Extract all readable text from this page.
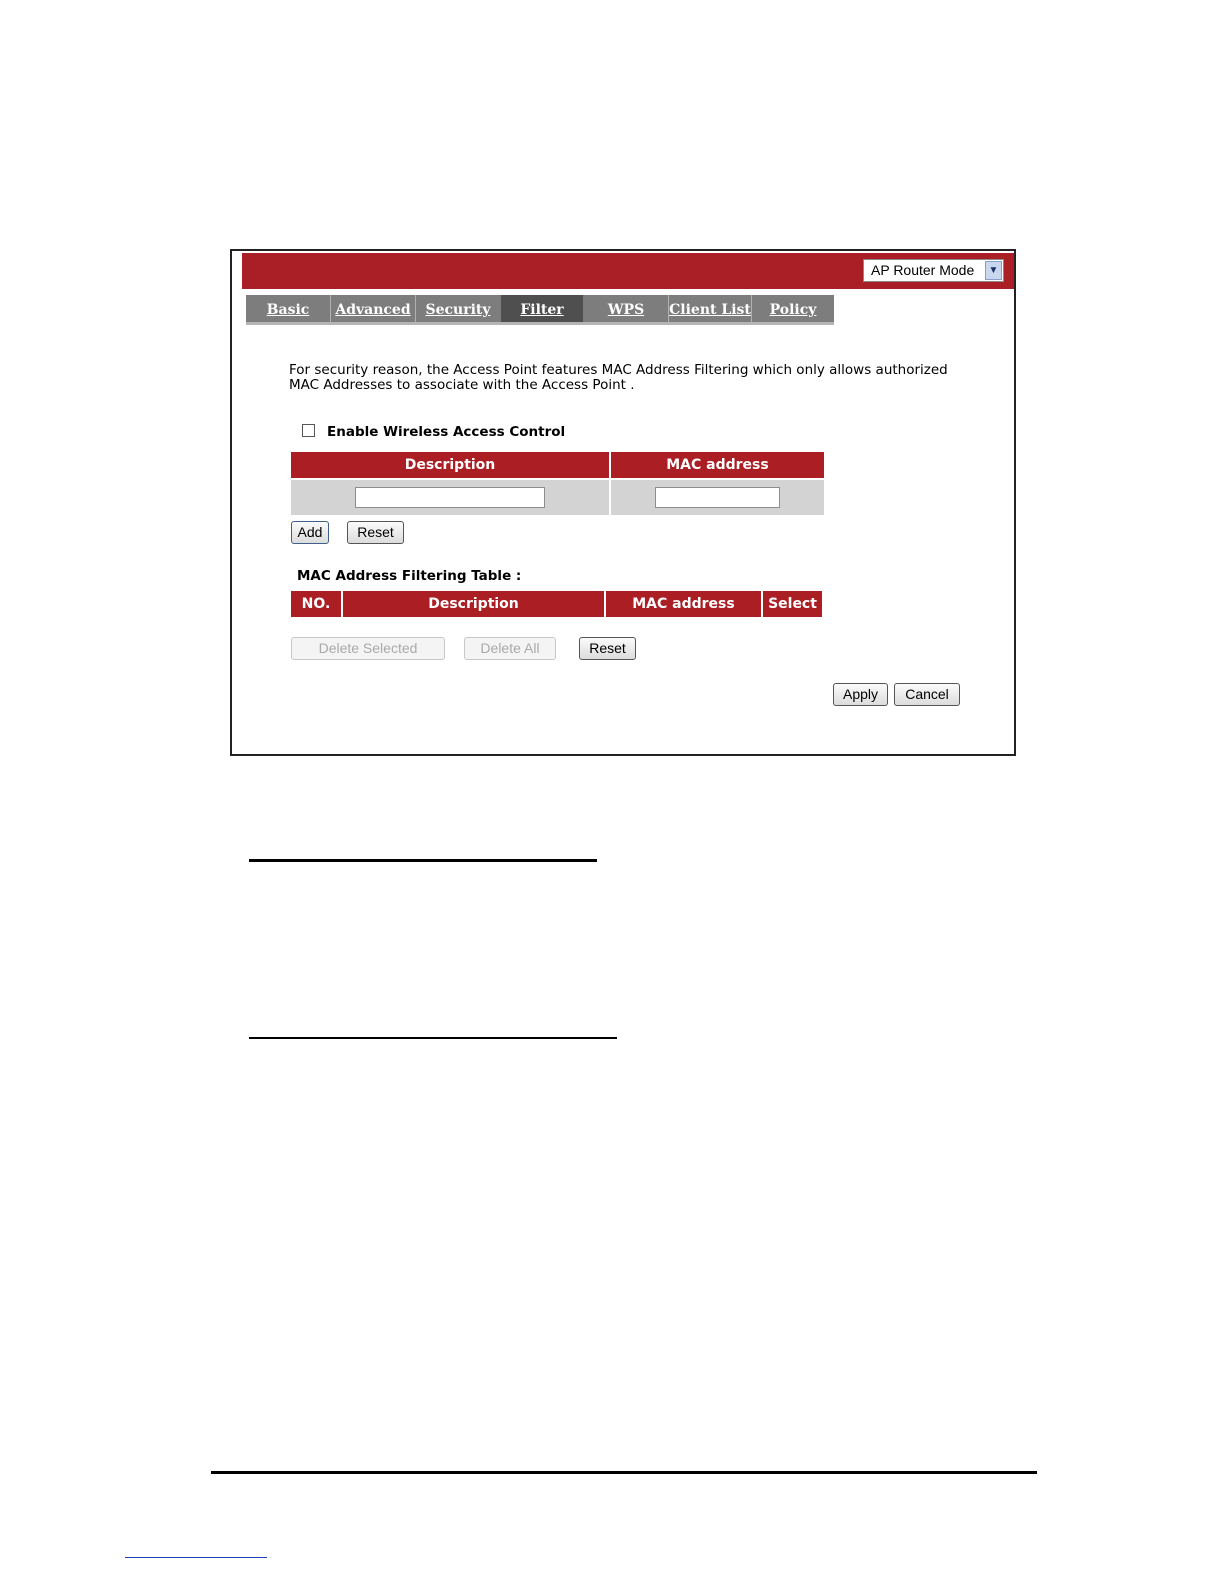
AP Router Mode	▼
Basic	Advanced	Security	Filter	WPS	Client List	Policy
For security reason, the Access Point features MAC Address Filtering which only allows authorized MAC Addresses to associate with the Access Point .
Enable Wireless Access Control
Description	MAC address

Add	Reset
MAC Address Filtering Table :
NO.	Description	MAC address	Select
Delete Selected	Delete All	Reset
Apply	Cancel
